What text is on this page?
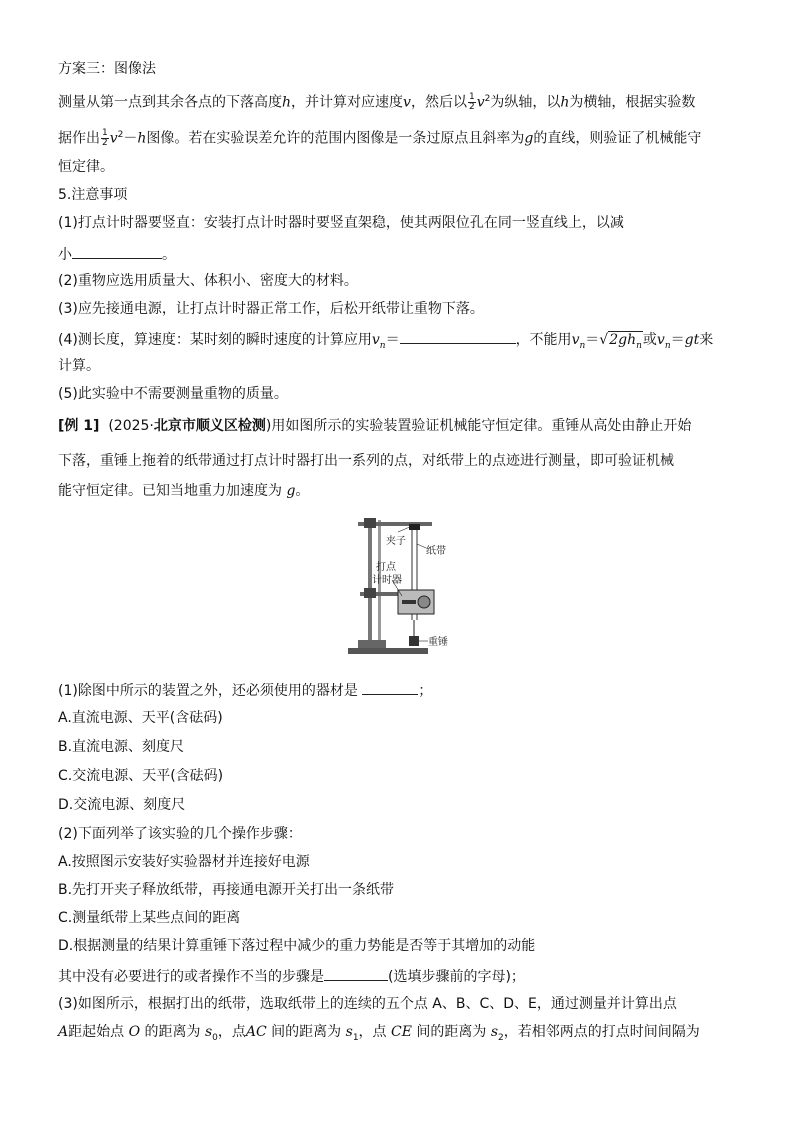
方案三：图像法
测量从第一点到其余各点的下落高度h，并计算对应速度v，然后以 $\frac{1}{2} v^2$为纵轴，以h为横轴，根据实验数
据作出 $\frac{1}{2} v^2-h$图像。若在实验误差允许的范围内图像是一条过原点且斜率为g的直线，则验证了机械能守
恒定律。
5.注意事项
(1)打点计时器要竖直：安装打点计时器时要竖直架稳，使其两限位孔在同一竖直线上，以减
小	。
(2)重物应选用质量大、体积小、密度大的材料。
(3)应先接通电源，让打点计时器正常工作，后松开纸带让重物下落。
(4)测长度，算速度：某时刻的瞬时速度的计算应用$v_n=$	，不能用$v_n=√2gh_n$或$v_n=gt$来
计算。
(5)此实验中不需要测量重物的质量。
[例 1] (2025·北京市顺义区检测)用如图所示的实验装置验证机械能守恒定律。重锤从高处由静止开始
下落，重锤上拖着的纸带通过打点计时器打出一系列的点，对纸带上的点迹进行测量，即可验证机械
能守恒定律。已知当地重力加速度为 g。
夹子
纸带
打点
计时器
重锤
(1)除图中所示的装置之外，还必须使用的器材是	；
A.直流电源、天平(含砝码)
B.直流电源、刻度尺
C.交流电源、天平(含砝码)
D.交流电源、刻度尺
(2)下面列举了该实验的几个操作步骤：
A.按照图示安装好实验器材并连接好电源
B.先打开夹子释放纸带，再接通电源开关打出一条纸带
C.测量纸带上某些点间的距离
D.根据测量的结果计算重锤下落过程中减少的重力势能是否等于其增加的动能
其中没有必要进行的或者操作不当的步骤是	(选填步骤前的字母)；
(3)如图所示，根据打出的纸带，选取纸带上的连续的五个点 A、B、C、D、E，通过测量并计算出点
A距起始点 O 的距离为 $s_0$，点AC 间的距离为 $s_1$，点 CE 间的距离为 $s_2$，若相邻两点的打点时间间隔为
